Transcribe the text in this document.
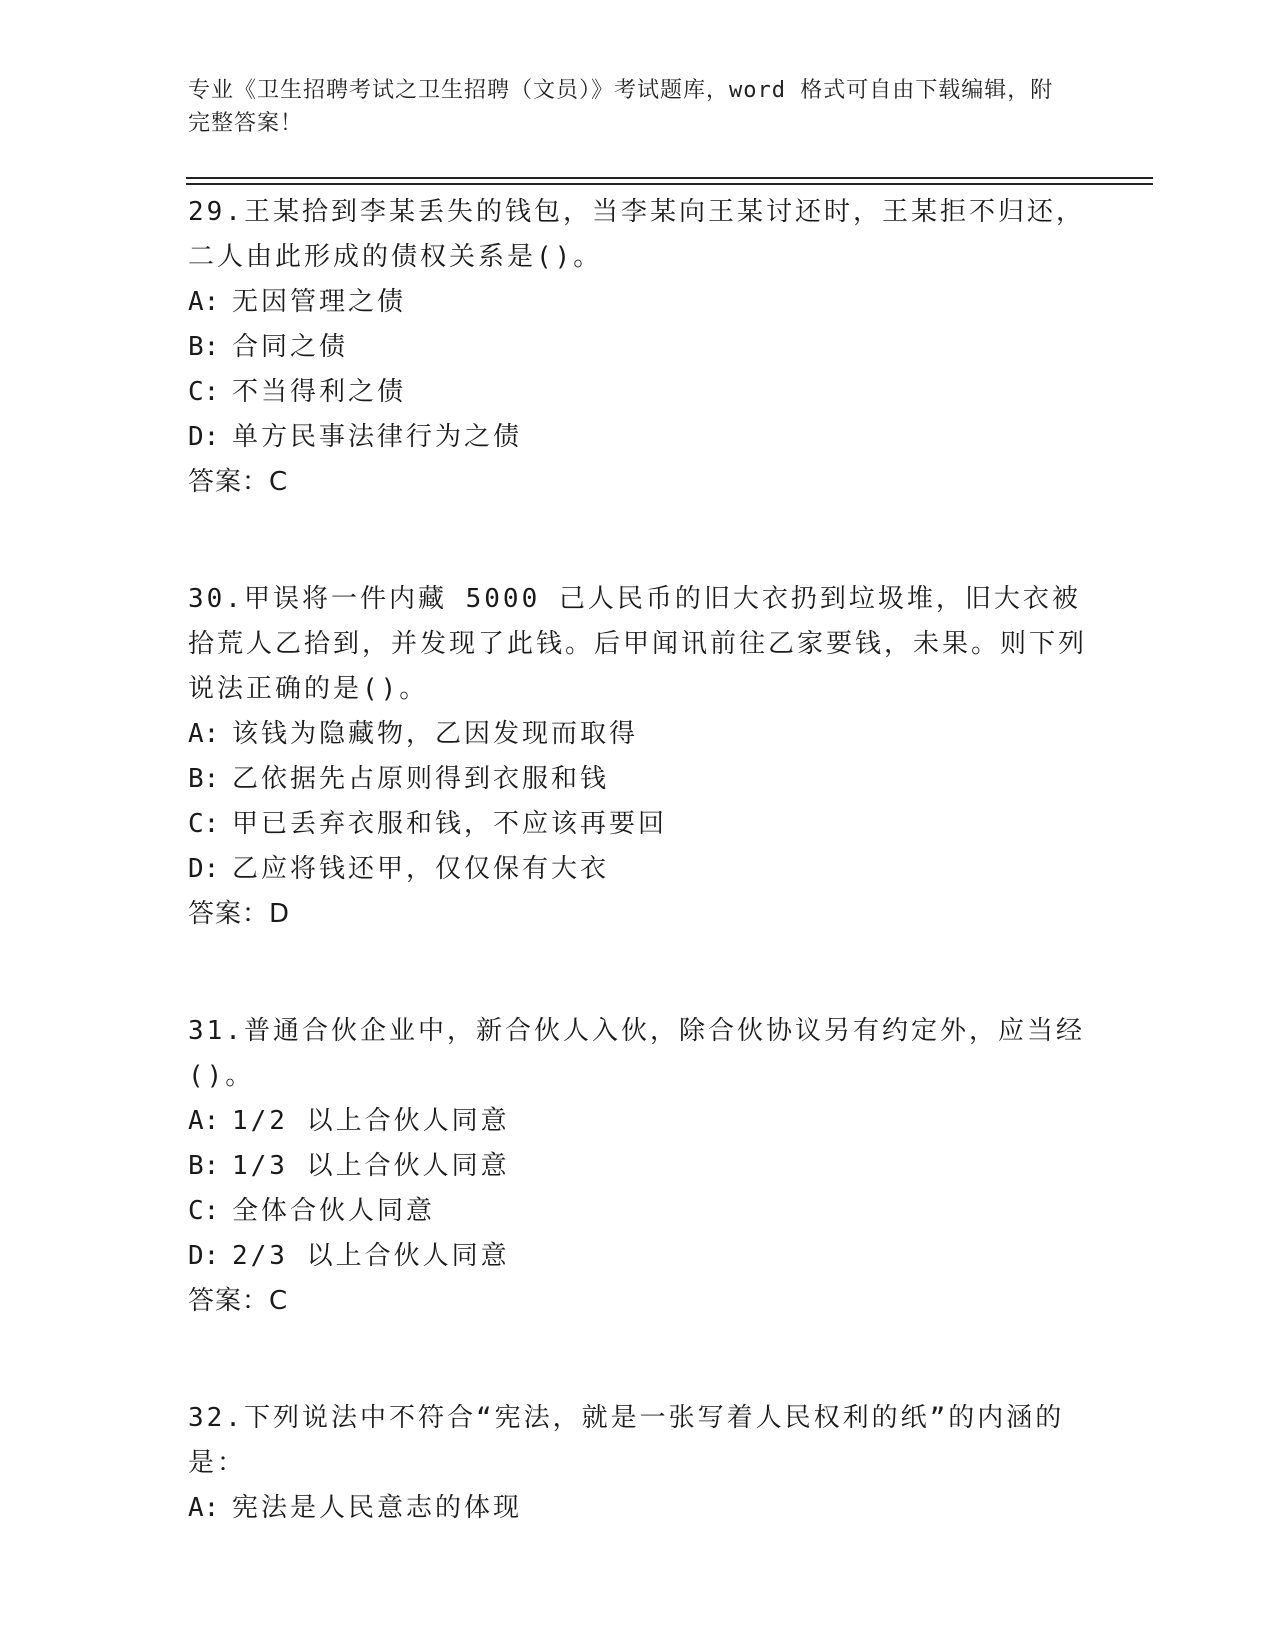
专业《卫生招聘考试之卫生招聘（文员）》考试题库，word 格式可自由下载编辑，附完整答案！

29.王某拾到李某丢失的钱包，当李某向王某讨还时，王某拒不归还，二人由此形成的债权关系是()。

A: 无因管理之债

B: 合同之债

C: 不当得利之债

D: 单方民事法律行为之债

答案：C

30.甲误将一件内藏 5000 己人民币的旧大衣扔到垃圾堆，旧大衣被拾荒人乙拾到，并发现了此钱。后甲闻讯前往乙家要钱，未果。则下列说法正确的是()。

A: 该钱为隐藏物，乙因发现而取得

B: 乙依据先占原则得到衣服和钱

C: 甲已丢弃衣服和钱，不应该再要回

D: 乙应将钱还甲，仅仅保有大衣

答案：D

31.普通合伙企业中，新合伙人入伙，除合伙协议另有约定外，应当经()。

A: 1/2 以上合伙人同意

B: 1/3 以上合伙人同意

C: 全体合伙人同意

D: 2/3 以上合伙人同意

答案：C

32.下列说法中不符合“宪法，就是一张写着人民权利的纸”的内涵的是：

A: 宪法是人民意志的体现
